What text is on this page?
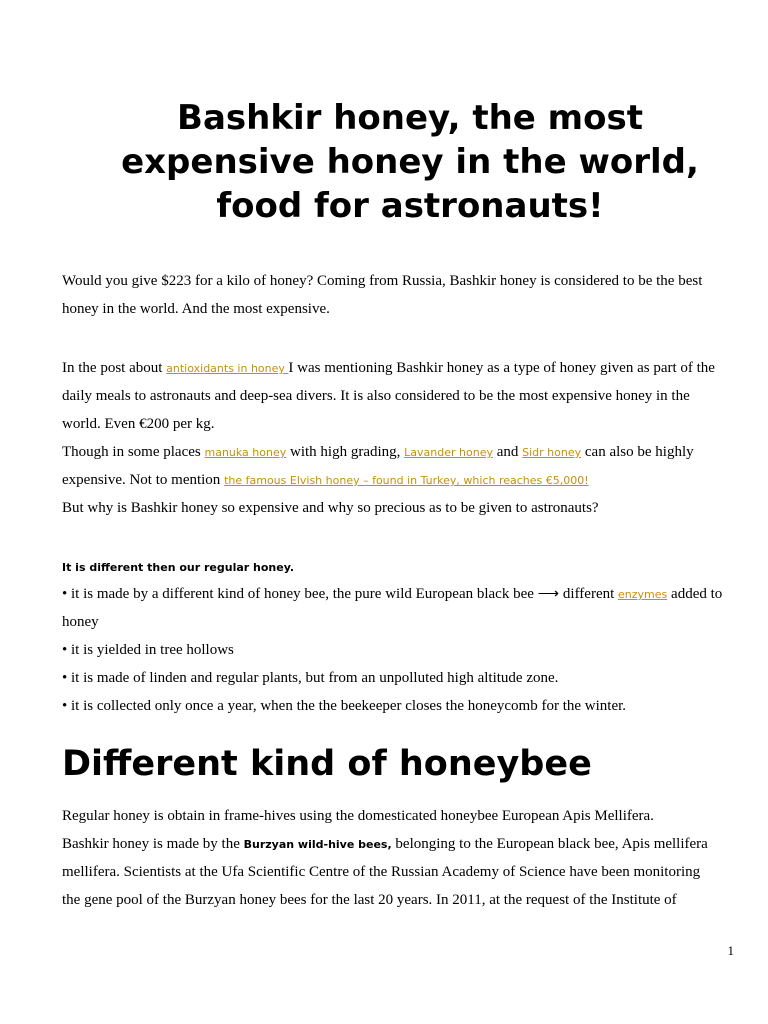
Bashkir honey, the most
expensive honey in the world,
food for astronauts!

Would you give $223 for a kilo of honey? Coming from Russia, Bashkir honey is considered to be the best

honey in the world. And the most expensive.

In the post about antioxidants in honey I was mentioning Bashkir honey as a type of honey given as part of the

daily meals to astronauts and deep-sea divers. It is also considered to be the most expensive honey in the

world. Even €200 per kg.

Though in some places manuka honey with high grading, Lavander honey and Sidr honey can also be highly

expensive. Not to mention the famous Elvish honey – found in Turkey, which reaches €5,000!

But why is Bashkir honey so expensive and why so precious as to be given to astronauts?

It is different then our regular honey.

• it is made by a different kind of honey bee, the pure wild European black bee ⟶ different enzymes added to

honey

• it is yielded in tree hollows

• it is made of linden and regular plants, but from an unpolluted high altitude zone.

• it is collected only once a year, when the the beekeeper closes the honeycomb for the winter.

Different kind of honeybee

Regular honey is obtain in frame-hives using the domesticated honeybee European Apis Mellifera.

Bashkir honey is made by the Burzyan wild-hive bees, belonging to the European black bee, Apis mellifera

mellifera. Scientists at the Ufa Scientific Centre of the Russian Academy of Science have been monitoring

the gene pool of the Burzyan honey bees for the last 20 years. In 2011, at the request of the Institute of

1
